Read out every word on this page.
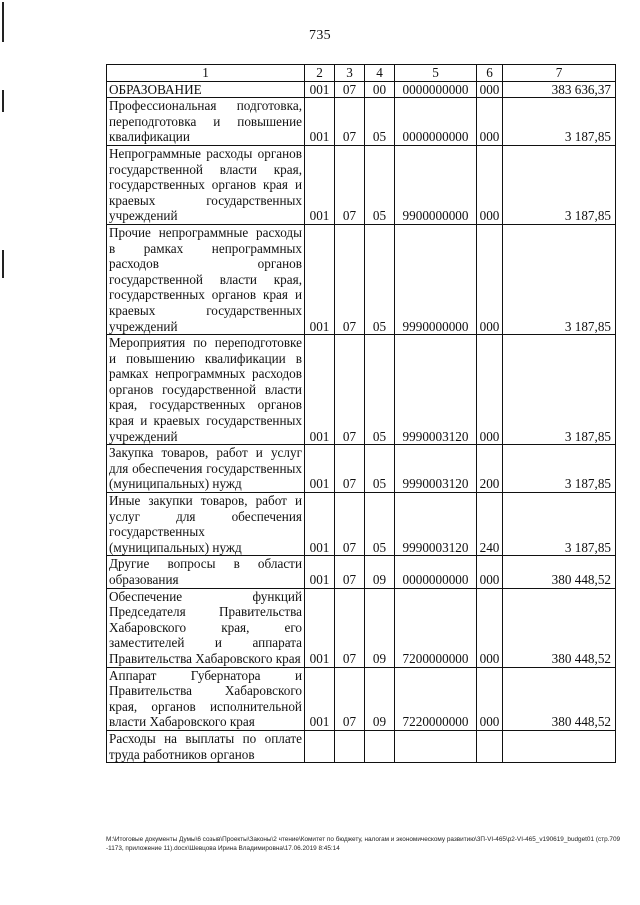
735
1	2	3	4	5	6	7
ОБРАЗОВАНИЕ	001	07	00	0000000000	000	383 636,37
Профессиональная подготовка, переподготовка и повышение квалификации	001	07	05	0000000000	000	3 187,85
Непрограммные расходы органов государственной власти края, государственных органов края и краевых государственных учреждений	001	07	05	9900000000	000	3 187,85
Прочие непрограммные расходы в рамках непрограммных расходов органов государственной власти края, государственных органов края и краевых государственных учреждений	001	07	05	9990000000	000	3 187,85
Мероприятия по переподготовке и повышению квалификации в рамках непрограммных расходов органов государственной власти края, государственных органов края и краевых государственных учреждений	001	07	05	9990003120	000	3 187,85
Закупка товаров, работ и услуг для обеспечения государственных (муниципальных) нужд	001	07	05	9990003120	200	3 187,85
Иные закупки товаров, работ и услуг для обеспечения государственных (муниципальных) нужд	001	07	05	9990003120	240	3 187,85
Другие вопросы в области образования	001	07	09	0000000000	000	380 448,52
Обеспечение функций Председателя Правительства Хабаровского края, его заместителей и аппарата Правительства Хабаровского края	001	07	09	7200000000	000	380 448,52
Аппарат Губернатора и Правительства Хабаровского края, органов исполнительной власти Хабаровского края	001	07	09	7220000000	000	380 448,52
Расходы на выплаты по оплате труда работников органов						
M:\Итоговые документы Думы\6 созыв\Проекты\Законы\2 чтение\Комитет по бюджету, налогам и экономическому развитию\3П-VI-465\р2-VI-465_v190619_budget01 (стр.709-1173, приложение 11).docx\Шевцова Ирина Владимировна\17.06.2019 8:45:14
